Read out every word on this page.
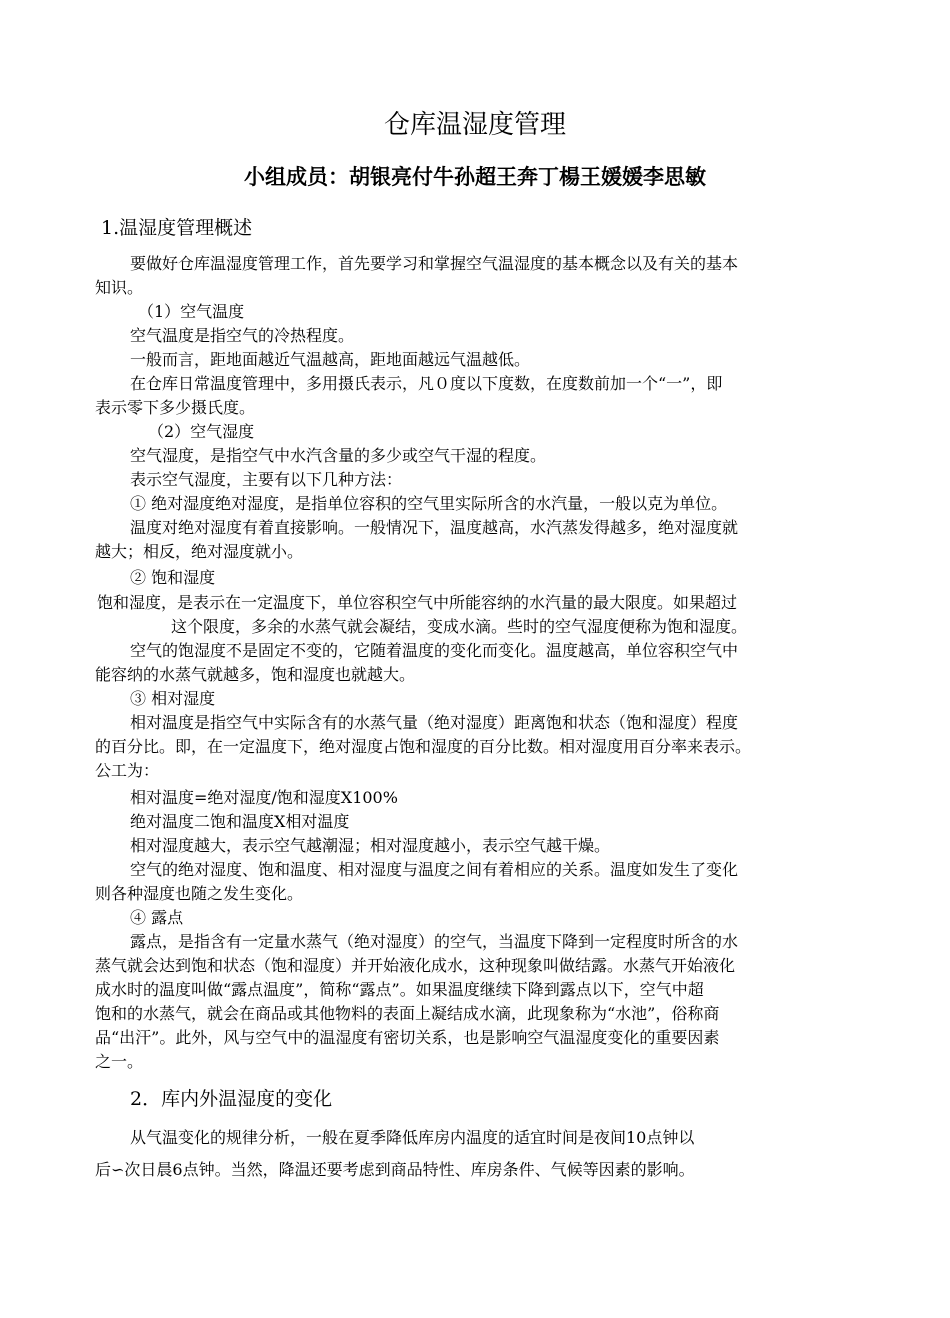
仓库温湿度管理
小组成员：胡银亮付牛孙超王奔丁楊王媛媛李思敏
1.温湿度管理概述
要做好仓库温湿度管理工作，首先要学习和掌握空气温湿度的基本概念以及有关的基本
知识。
（1）空气温度
空气温度是指空气的冷热程度。
一般而言，距地面越近气温越高，距地面越远气温越低。
在仓库日常温度管理中，多用摄氏表示，凡０度以下度数，在度数前加一个“一”，即
表示零下多少摄氏度。
（2）空气湿度
空气湿度，是指空气中水汽含量的多少或空气干湿的程度。
表示空气湿度，主要有以下几种方法：
① 绝对湿度绝对湿度，是指单位容积的空气里实际所含的水汽量，一般以克为单位。
温度对绝对湿度有着直接影响。一般情况下，温度越高，水汽蒸发得越多，绝对湿度就
越大；相反，绝对湿度就小。
② 饱和湿度
饱和湿度，是表示在一定温度下，单位容积空气中所能容纳的水汽量的最大限度。如果超过
这个限度，多余的水蒸气就会凝结，变成水滴。些时的空气湿度便称为饱和湿度。
空气的饱湿度不是固定不变的，它随着温度的变化而变化。温度越高，单位容积空气中
能容纳的水蒸气就越多，饱和湿度也就越大。
③ 相对湿度
相对温度是指空气中实际含有的水蒸气量（绝对湿度）距离饱和状态（饱和湿度）程度
的百分比。即，在一定温度下，绝对湿度占饱和湿度的百分比数。相对湿度用百分率来表示。
公工为：
相对温度=绝对湿度/饱和湿度Ⅹ100%
绝对温度二饱和温度Ⅹ相对温度
相对湿度越大，表示空气越潮湿；相对湿度越小，表示空气越干燥。
空气的绝对湿度、饱和温度、相对湿度与温度之间有着相应的关系。温度如发生了变化
则各种湿度也随之发生变化。
④ 露点
露点，是指含有一定量水蒸气（绝对湿度）的空气，当温度下降到一定程度时所含的水
蒸气就会达到饱和状态（饱和湿度）并开始液化成水，这种现象叫做结露。水蒸气开始液化
成水时的温度叫做“露点温度”，简称“露点”。如果温度继续下降到露点以下，空气中超
饱和的水蒸气，就会在商品或其他物料的表面上凝结成水滴，此现象称为“水池”，俗称商
品“出汗”。此外，风与空气中的温湿度有密切关系，也是影响空气温湿度变化的重要因素
之一。
2．库内外温湿度的变化
从气温变化的规律分析，一般在夏季降低库房内温度的适宜时间是夜间10点钟以
后∽次日晨6点钟。当然，降温还要考虑到商品特性、库房条件、气候等因素的影响。
